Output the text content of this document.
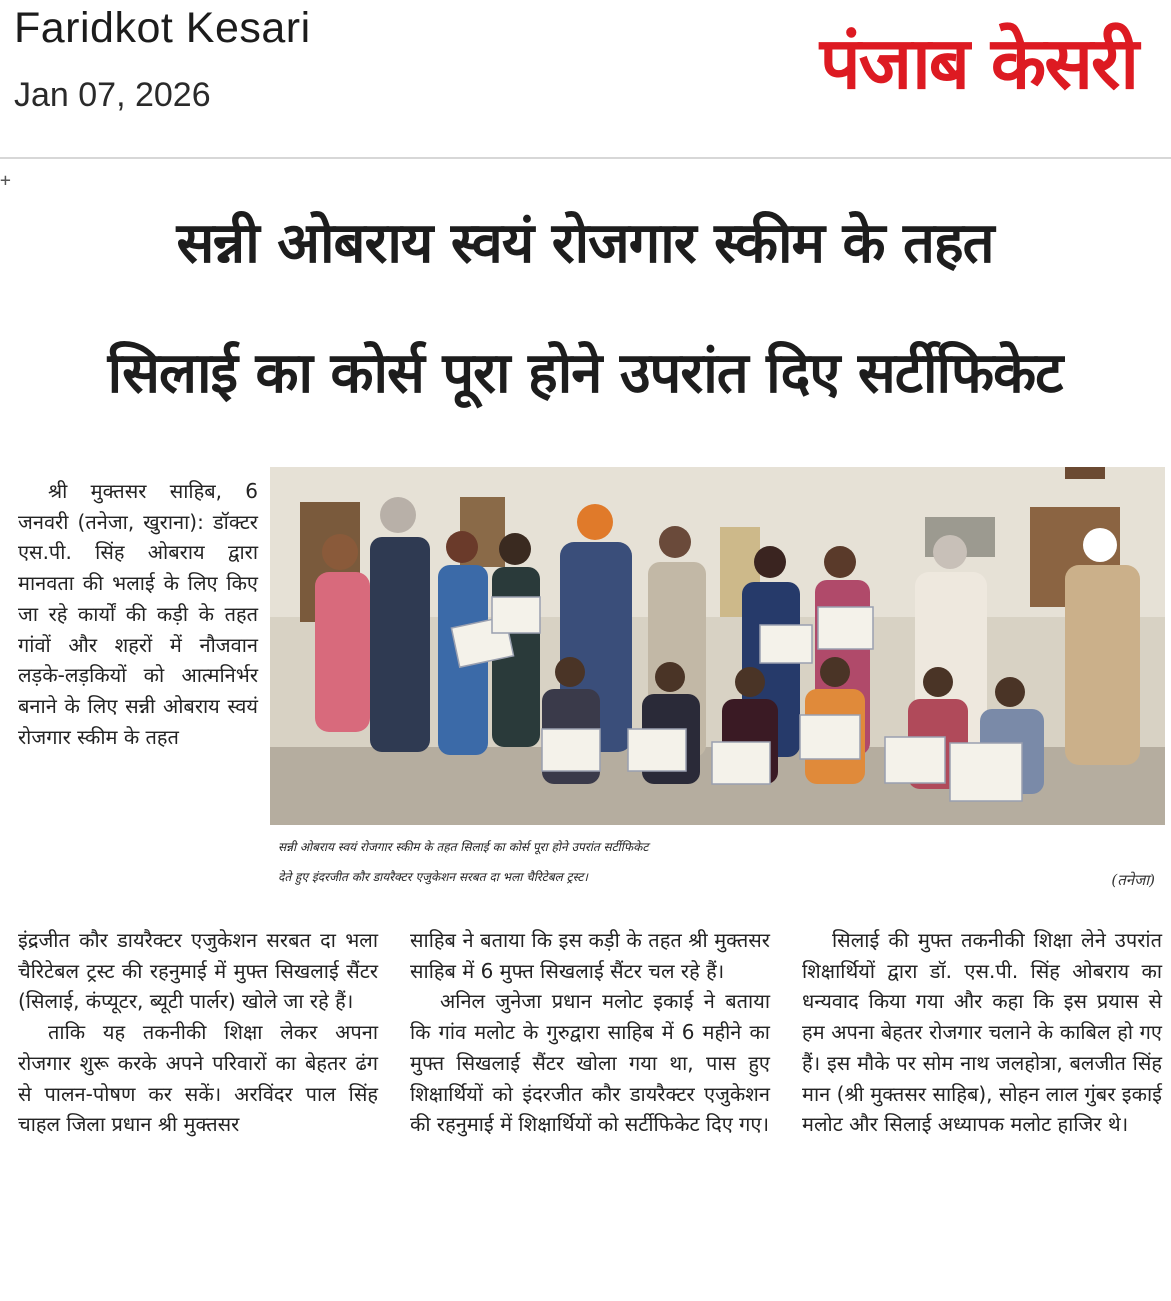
Faridkot Kesari
Jan 07, 2026	पंजाब केसरी
+
सन्नी ओबराय स्वयं रोजगार स्कीम के तहत
सिलाई का कोर्स पूरा होने उपरांत दिए सर्टीफिकेट

श्री मुक्तसर साहिब, 6 जनवरी (तनेजा, खुराना): डॉक्टर एस.पी. सिंह ओबराय द्वारा मानवता की भलाई के लिए किए जा रहे कार्यों की कड़ी के तहत गांवों और शहरों में नौजवान लड़के-लड़कियों को आत्मनिर्भर बनाने के लिए सन्नी ओबराय स्वयं रोजगार स्कीम के तहत

सन्नी ओबराय स्वयं रोजगार स्कीम के तहत सिलाई का कोर्स पूरा होने उपरांत सर्टीफिकेट
देते हुए इंदरजीत कौर डायरैक्टर एजुकेशन सरबत दा भला चैरिटेबल ट्रस्ट।	(तनेजा)

इंद्रजीत कौर डायरैक्टर एजुकेशन सरबत दा भला चैरिटेबल ट्रस्ट की रहनुमाई में मुफ्त सिखलाई सैंटर (सिलाई, कंप्यूटर, ब्यूटी पार्लर) खोले जा रहे हैं।

ताकि यह तकनीकी शिक्षा लेकर अपना रोजगार शुरू करके अपने परिवारों का बेहतर ढंग से पालन-पोषण कर सकें। अरविंदर पाल सिंह चाहल जिला प्रधान श्री मुक्तसर

साहिब ने बताया कि इस कड़ी के तहत श्री मुक्तसर साहिब में 6 मुफ्त सिखलाई सैंटर चल रहे हैं।

अनिल जुनेजा प्रधान मलोट इकाई ने बताया कि गांव मलोट के गुरुद्वारा साहिब में 6 महीने का मुफ्त सिखलाई सैंटर खोला गया था, पास हुए शिक्षार्थियों को इंदरजीत कौर डायरैक्टर एजुकेशन की रहनुमाई में शिक्षार्थियों को सर्टीफिकेट दिए गए।

सिलाई की मुफ्त तकनीकी शिक्षा लेने उपरांत शिक्षार्थियों द्वारा डॉ. एस.पी. सिंह ओबराय का धन्यवाद किया गया और कहा कि इस प्रयास से हम अपना बेहतर रोजगार चलाने के काबिल हो गए हैं। इस मौके पर सोम नाथ जलहोत्रा, बलजीत सिंह मान (श्री मुक्तसर साहिब), सोहन लाल गुंबर इकाई मलोट और सिलाई अध्यापक मलोट हाजिर थे।
